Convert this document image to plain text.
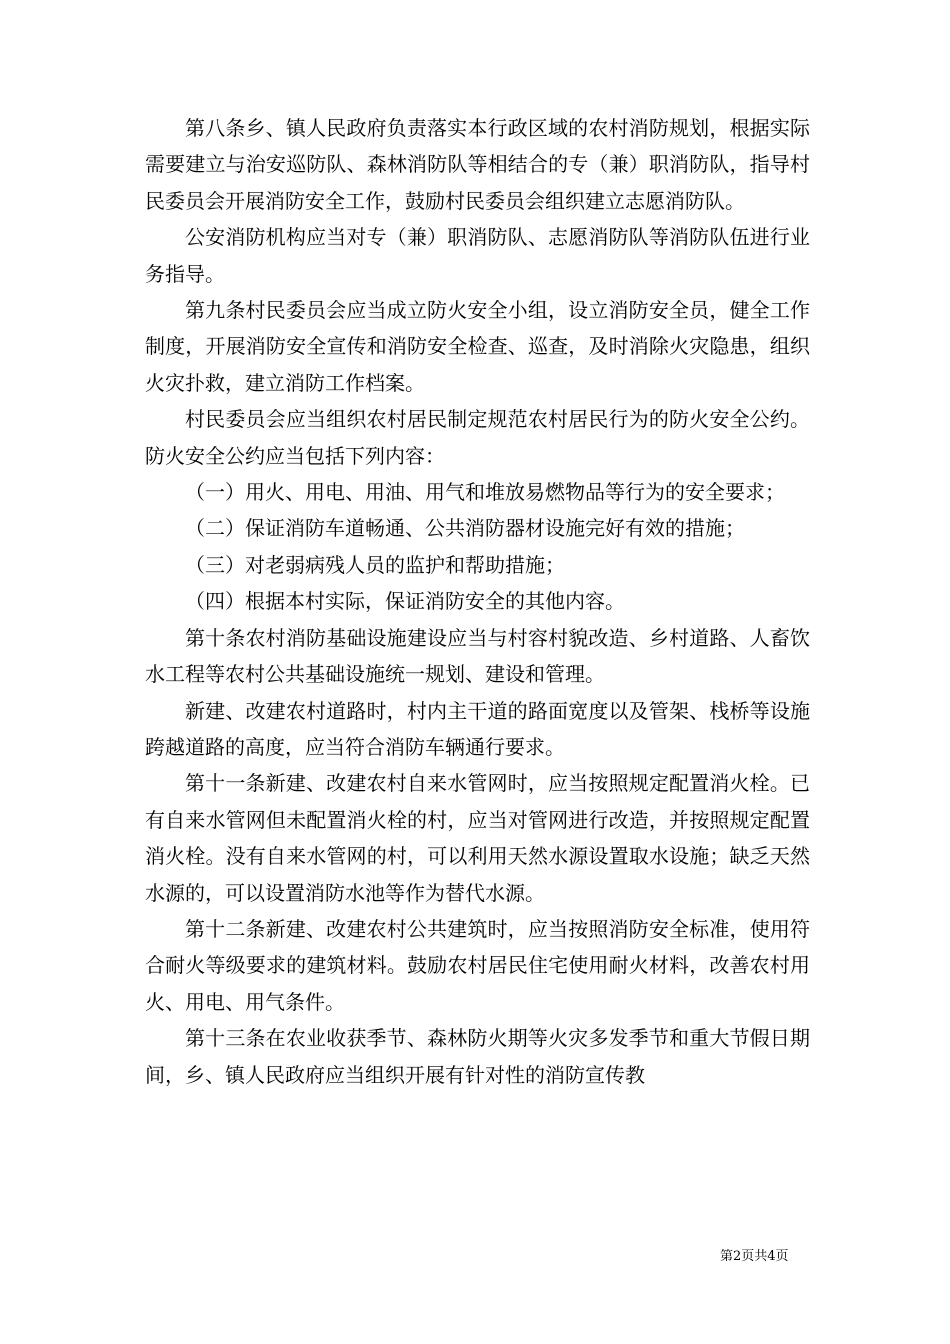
第八条乡、镇人民政府负责落实本行政区域的农村消防规划，根据实际需要建立与治安巡防队、森林消防队等相结合的专（兼）职消防队，指导村民委员会开展消防安全工作，鼓励村民委员会组织建立志愿消防队。

公安消防机构应当对专（兼）职消防队、志愿消防队等消防队伍进行业务指导。

第九条村民委员会应当成立防火安全小组，设立消防安全员，健全工作制度，开展消防安全宣传和消防安全检查、巡查，及时消除火灾隐患，组织火灾扑救，建立消防工作档案。

村民委员会应当组织农村居民制定规范农村居民行为的防火安全公约。防火安全公约应当包括下列内容：

（一）用火、用电、用油、用气和堆放易燃物品等行为的安全要求；

（二）保证消防车道畅通、公共消防器材设施完好有效的措施；

（三）对老弱病残人员的监护和帮助措施；

（四）根据本村实际，保证消防安全的其他内容。

第十条农村消防基础设施建设应当与村容村貌改造、乡村道路、人畜饮水工程等农村公共基础设施统一规划、建设和管理。

新建、改建农村道路时，村内主干道的路面宽度以及管架、栈桥等设施跨越道路的高度，应当符合消防车辆通行要求。

第十一条新建、改建农村自来水管网时，应当按照规定配置消火栓。已有自来水管网但未配置消火栓的村，应当对管网进行改造，并按照规定配置消火栓。没有自来水管网的村，可以利用天然水源设置取水设施；缺乏天然水源的，可以设置消防水池等作为替代水源。

第十二条新建、改建农村公共建筑时，应当按照消防安全标准，使用符合耐火等级要求的建筑材料。鼓励农村居民住宅使用耐火材料，改善农村用火、用电、用气条件。

第十三条在农业收获季节、森林防火期等火灾多发季节和重大节假日期间，乡、镇人民政府应当组织开展有针对性的消防宣传教

第2页共4页
